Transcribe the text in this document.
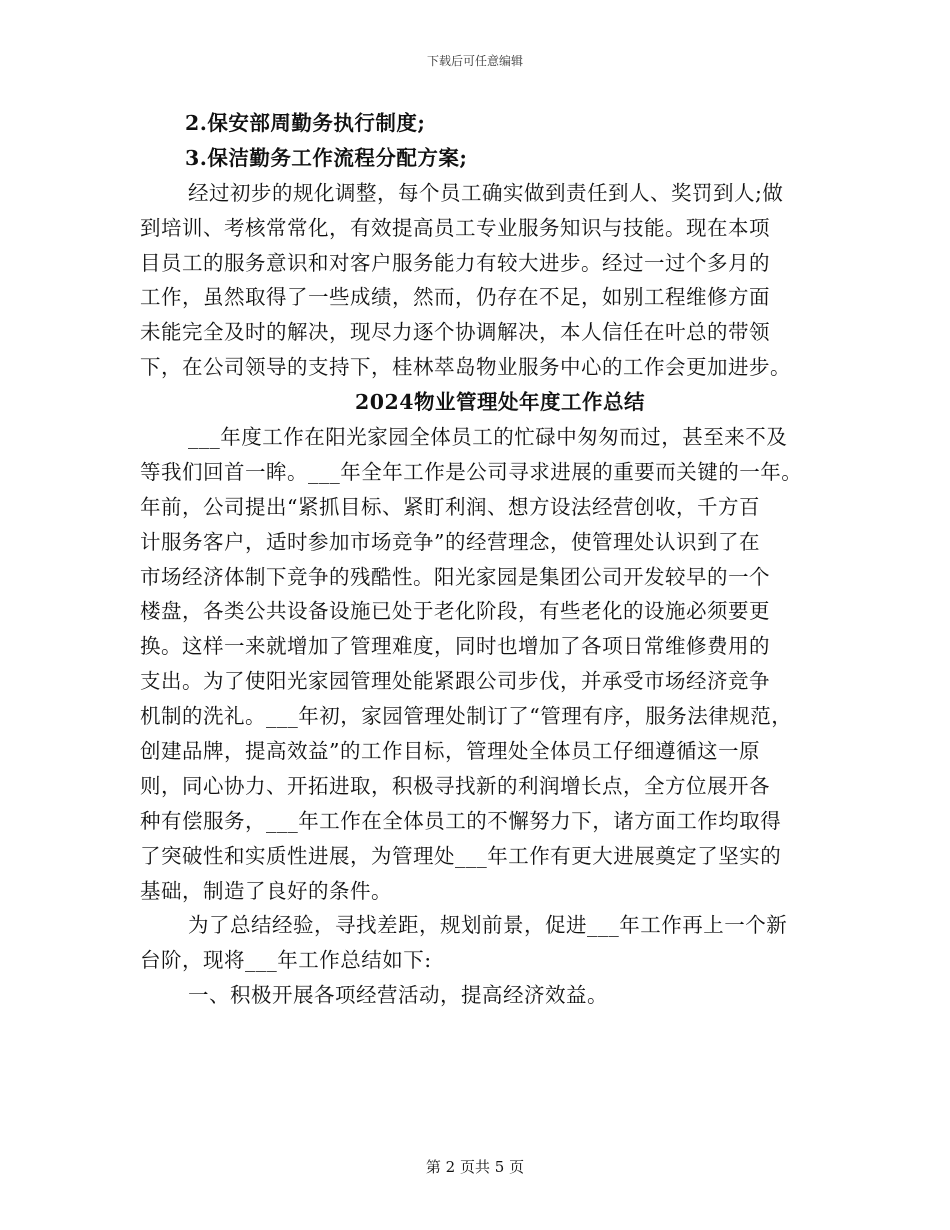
下载后可任意编辑
2.保安部周勤务执行制度;
3.保洁勤务工作流程分配方案;
经过初步的规化调整，每个员工确实做到责任到人、奖罚到人;做
到培训、考核常常化，有效提高员工专业服务知识与技能。现在本项
目员工的服务意识和对客户服务能力有较大进步。经过一过个多月的
工作，虽然取得了一些成绩，然而，仍存在不足，如别工程维修方面
未能完全及时的解决，现尽力逐个协调解决，本人信任在叶总的带领
下，在公司领导的支持下，桂林萃岛物业服务中心的工作会更加进步。
2024物业管理处年度工作总结
___年度工作在阳光家园全体员工的忙碌中匆匆而过，甚至来不及
等我们回首一眸。___年全年工作是公司寻求进展的重要而关键的一年。
年前，公司提出“紧抓目标、紧盯利润、想方设法经营创收，千方百
计服务客户，适时参加市场竞争”的经营理念，使管理处认识到了在
市场经济体制下竞争的残酷性。阳光家园是集团公司开发较早的一个
楼盘，各类公共设备设施已处于老化阶段，有些老化的设施必须要更
换。这样一来就增加了管理难度，同时也增加了各项日常维修费用的
支出。为了使阳光家园管理处能紧跟公司步伐，并承受市场经济竞争
机制的洗礼。___年初，家园管理处制订了“管理有序，服务法律规范，
创建品牌，提高效益”的工作目标，管理处全体员工仔细遵循这一原
则，同心协力、开拓进取，积极寻找新的利润增长点，全方位展开各
种有偿服务，___年工作在全体员工的不懈努力下，诸方面工作均取得
了突破性和实质性进展，为管理处___年工作有更大进展奠定了坚实的
基础，制造了良好的条件。
为了总结经验，寻找差距，规划前景，促进___年工作再上一个新
台阶，现将___年工作总结如下:
一、积极开展各项经营活动，提高经济效益。
第 2 页共 5 页
